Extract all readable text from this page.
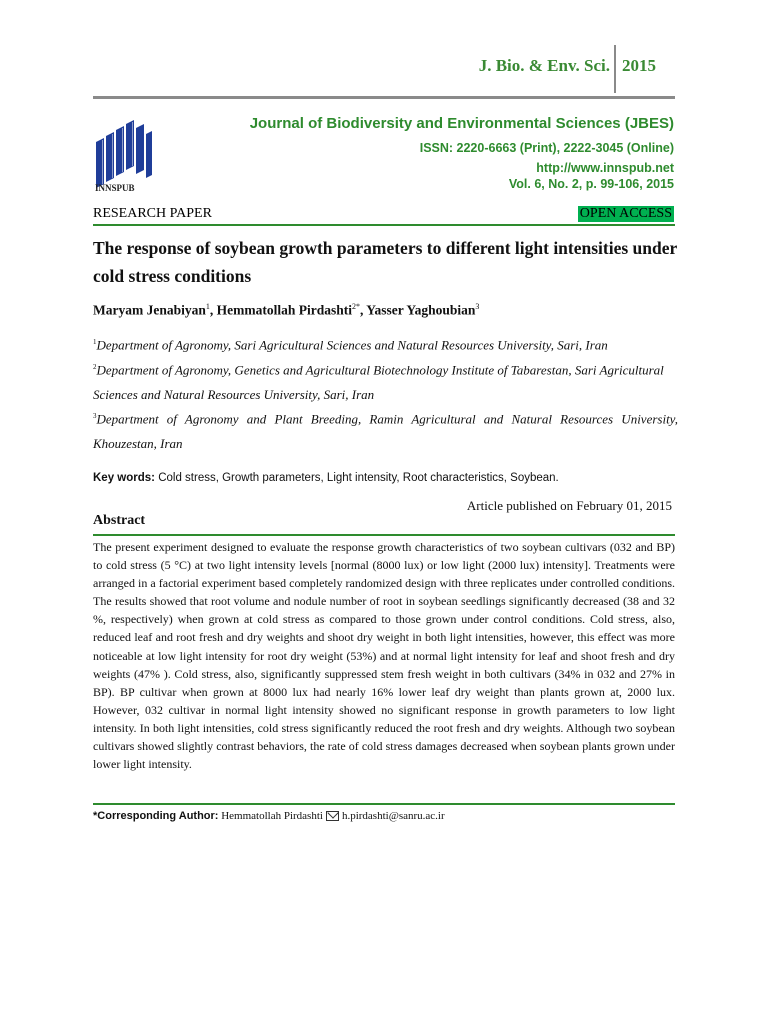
J. Bio. & Env. Sci. 2015
INNSPUB
Journal of Biodiversity and Environmental Sciences (JBES)
ISSN: 2220-6663 (Print), 2222-3045 (Online)
http://www.innspub.net
Vol. 6, No. 2, p. 99-106, 2015
RESEARCH PAPER	OPEN ACCESS
The response of soybean growth parameters to different light intensities under cold stress conditions
Maryam Jenabiyan$^1$, Hemmatollah Pirdashti$^{2*}$, Yasser Yaghoubian$^3$
$^1$Department of Agronomy, Sari Agricultural Sciences and Natural Resources University, Sari, Iran
$^2$Department of Agronomy, Genetics and Agricultural Biotechnology Institute of Tabarestan, Sari Agricultural Sciences and Natural Resources University, Sari, Iran
$^3$Department of Agronomy and Plant Breeding, Ramin Agricultural and Natural Resources University, Khouzestan, Iran
Key words: Cold stress, Growth parameters, Light intensity, Root characteristics, Soybean.
Article published on February 01, 2015
Abstract
The present experiment designed to evaluate the response growth characteristics of two soybean cultivars (032 and BP) to cold stress (5 °C) at two light intensity levels [normal (8000 lux) or low light (2000 lux) intensity]. Treatments were arranged in a factorial experiment based completely randomized design with three replicates under controlled conditions. The results showed that root volume and nodule number of root in soybean seedlings significantly decreased (38 and 32 %, respectively) when grown at cold stress as compared to those grown under control conditions. Cold stress, also, reduced leaf and root fresh and dry weights and shoot dry weight in both light intensities, however, this effect was more noticeable at low light intensity for root dry weight (53%) and at normal light intensity for leaf and shoot fresh and dry weights (47% ). Cold stress, also, significantly suppressed stem fresh weight in both cultivars (34% in 032 and 27% in BP). BP cultivar when grown at 8000 lux had nearly 16% lower leaf dry weight than plants grown at, 2000 lux. However, 032 cultivar in normal light intensity showed no significant response in growth parameters to low light intensity. In both light intensities, cold stress significantly reduced the root fresh and dry weights. Although two soybean cultivars showed slightly contrast behaviors, the rate of cold stress damages decreased when soybean plants grown under lower light intensity.
*Corresponding Author: Hemmatollah Pirdashti h.pirdashti@sanru.ac.ir
